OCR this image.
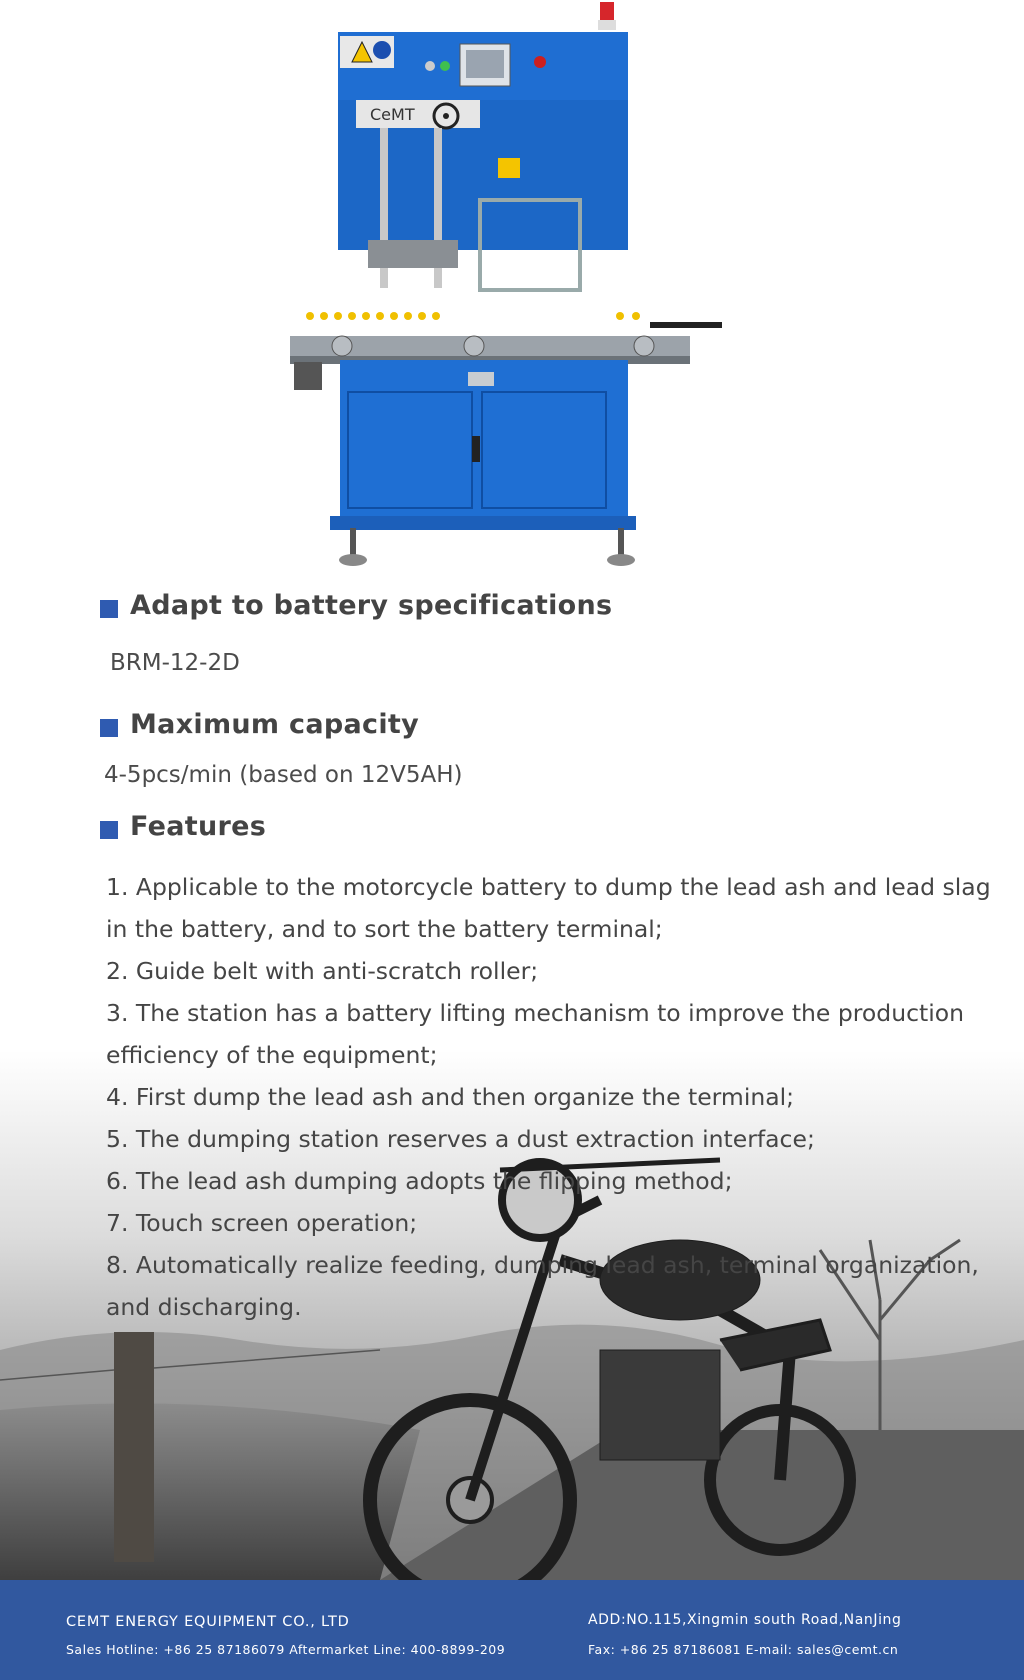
CeMT
Adapt to battery specifications
BRM-12-2D
Maximum capacity
4-5pcs/min (based on 12V5AH)
Features
1. Applicable to the motorcycle battery to dump the lead ash and lead slag in the battery, and to sort the battery terminal;
2. Guide belt with anti-scratch roller;
3. The station has a battery lifting mechanism to improve the production efficiency of the equipment;
4. First dump the lead ash and then organize the terminal;
5. The dumping station reserves a dust extraction interface;
6. The lead ash dumping adopts the flipping method;
7. Touch screen operation;
8. Automatically realize feeding, dumping lead ash, terminal organization, and discharging.
CEMT ENERGY EQUIPMENT CO., LTD
Sales Hotline: +86 25 87186079 Aftermarket Line: 400-8899-209
ADD:NO.115,Xingmin south Road,NanJing
Fax: +86 25 87186081 E-mail: sales@cemt.cn
